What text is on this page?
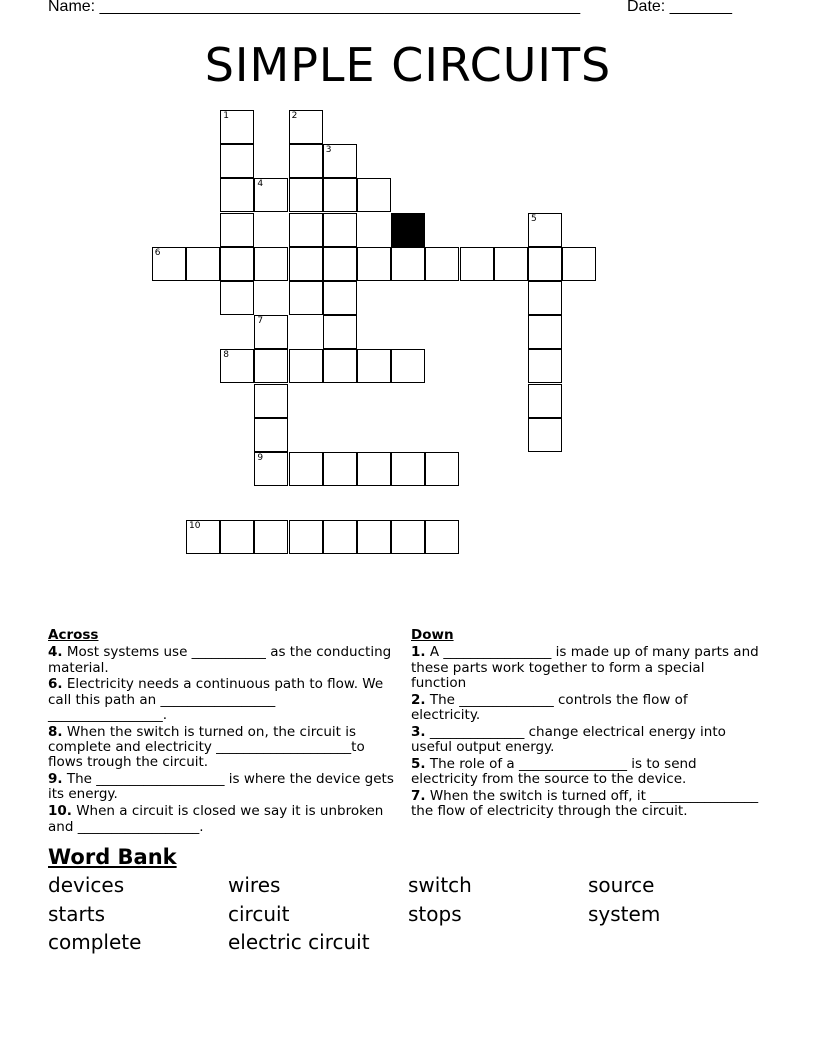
Name: ______________________________________________________	Date: _______
SIMPLE CIRCUITS
1	2
3
4
5
6
7
8
9
10
Across
4. Most systems use ___________ as the conducting material.
6. Electricity needs a continuous path to flow. We call this path an _________________ _________________.
8. When the switch is turned on, the circuit is complete and electricity ____________________to flows trough the circuit.
9. The ___________________ is where the device gets its energy.
10. When a circuit is closed we say it is unbroken and __________________.
Down
1. A ________________ is made up of many parts and these parts work together to form a special function
2. The ______________ controls the flow of electricity.
3. ______________ change electrical energy into useful output energy.
5. The role of a ________________ is to send electricity from the source to the device.
7. When the switch is turned off, it ________________ the flow of electricity through the circuit.
Word Bank
devices	wires	switch	source
starts	circuit	stops	system
complete	electric circuit
